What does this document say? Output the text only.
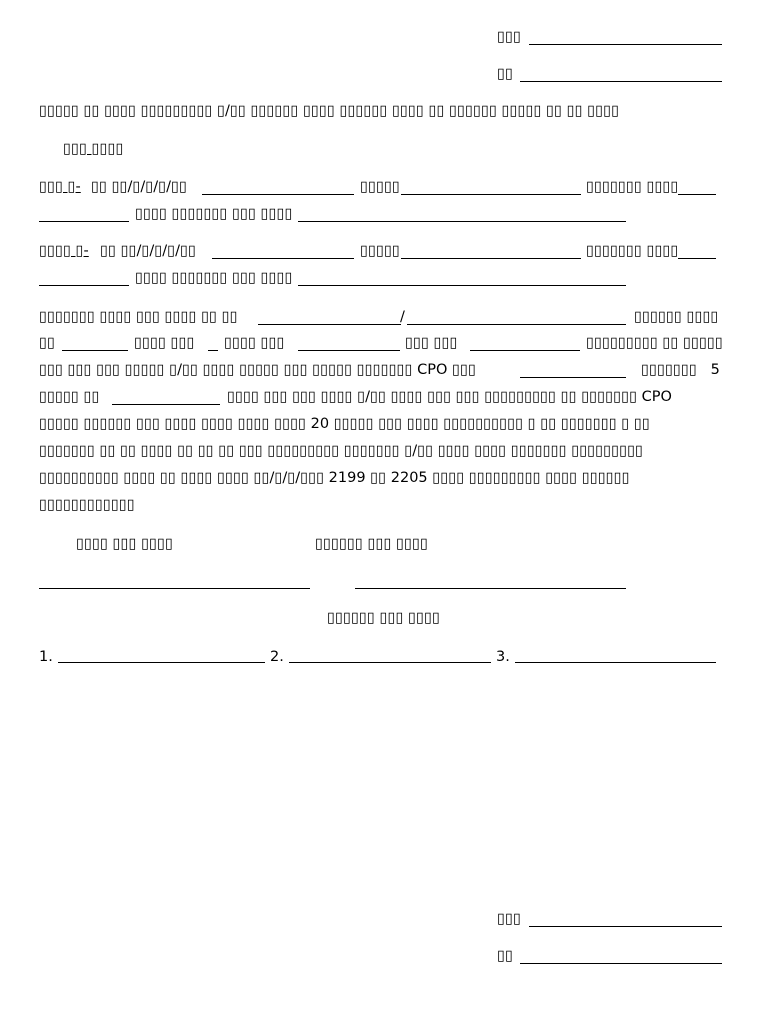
▯▯▯
▯▯
▯▯▯▯▯ ▯▯ ▯▯▯▯ ▯▯▯▯▯▯▯▯▯ ▯/▯▯ ▯▯▯▯▯▯ ▯▯▯▯ ▯▯▯▯▯▯ ▯▯▯▯ ▯▯ ▯▯▯▯▯▯ ▯▯▯▯▯ ▯▯ ▯▯ ▯▯▯▯
▯▯▯ ▯▯▯▯
▯▯▯ ▯- ▯▯ ▯▯/▯/▯/▯/▯▯	▯▯▯▯▯	▯▯▯▯▯▯▯ ▯▯▯▯
▯▯▯▯ ▯▯▯▯▯▯▯ ▯▯▯ ▯▯▯▯
▯▯▯▯ ▯- ▯▯ ▯▯/▯/▯/▯/▯▯	▯▯▯▯▯	▯▯▯▯▯▯▯ ▯▯▯▯
▯▯▯▯ ▯▯▯▯▯▯▯ ▯▯▯ ▯▯▯▯
▯▯▯▯▯▯▯ ▯▯▯▯ ▯▯▯ ▯▯▯▯ ▯▯ ▯▯	/	▯▯▯▯▯▯ ▯▯▯▯
▯▯	▯▯▯▯ ▯▯▯ ▯▯▯▯ ▯▯▯	▯▯▯ ▯▯▯	▯▯▯▯▯▯▯▯▯ ▯▯ ▯▯▯▯▯
▯▯▯ ▯▯▯ ▯▯▯ ▯▯▯▯▯ ▯/▯▯ ▯▯▯▯ ▯▯▯▯▯ ▯▯▯ ▯▯▯▯▯ ▯▯▯▯▯▯▯ CPO ▯▯▯	▯▯▯▯▯▯▯   5
▯▯▯▯▯ ▯▯	▯▯▯▯ ▯▯▯ ▯▯▯ ▯▯▯▯ ▯/▯▯ ▯▯▯▯ ▯▯▯ ▯▯▯ ▯▯▯▯▯▯▯▯▯ ▯▯ ▯▯▯▯▯▯▯ CPO
▯▯▯▯▯ ▯▯▯▯▯▯ ▯▯▯ ▯▯▯▯ ▯▯▯▯ ▯▯▯▯ ▯▯▯▯ 20 ▯▯▯▯▯ ▯▯▯ ▯▯▯▯ ▯▯▯▯▯▯▯▯▯▯ ▯ ▯▯ ▯▯▯▯▯▯▯ ▯ ▯▯
▯▯▯▯▯▯▯ ▯▯ ▯▯ ▯▯▯▯ ▯▯ ▯▯ ▯▯ ▯▯▯ ▯▯▯▯▯▯▯▯▯ ▯▯▯▯▯▯▯ ▯/▯▯ ▯▯▯▯ ▯▯▯▯ ▯▯▯▯▯▯▯ ▯▯▯▯▯▯▯▯▯
▯▯▯▯▯▯▯▯▯▯ ▯▯▯▯ ▯▯ ▯▯▯▯ ▯▯▯▯ ▯▯/▯/▯/▯▯▯ 2199 ▯▯ 2205 ▯▯▯▯ ▯▯▯▯▯▯▯▯▯ ▯▯▯▯ ▯▯▯▯▯▯
▯▯▯▯▯▯▯▯▯▯▯▯
▯▯▯▯ ▯▯▯ ▯▯▯▯	▯▯▯▯▯▯ ▯▯▯ ▯▯▯▯
▯▯▯▯▯▯ ▯▯▯ ▯▯▯▯
1.	2.	3.
▯▯▯
▯▯
